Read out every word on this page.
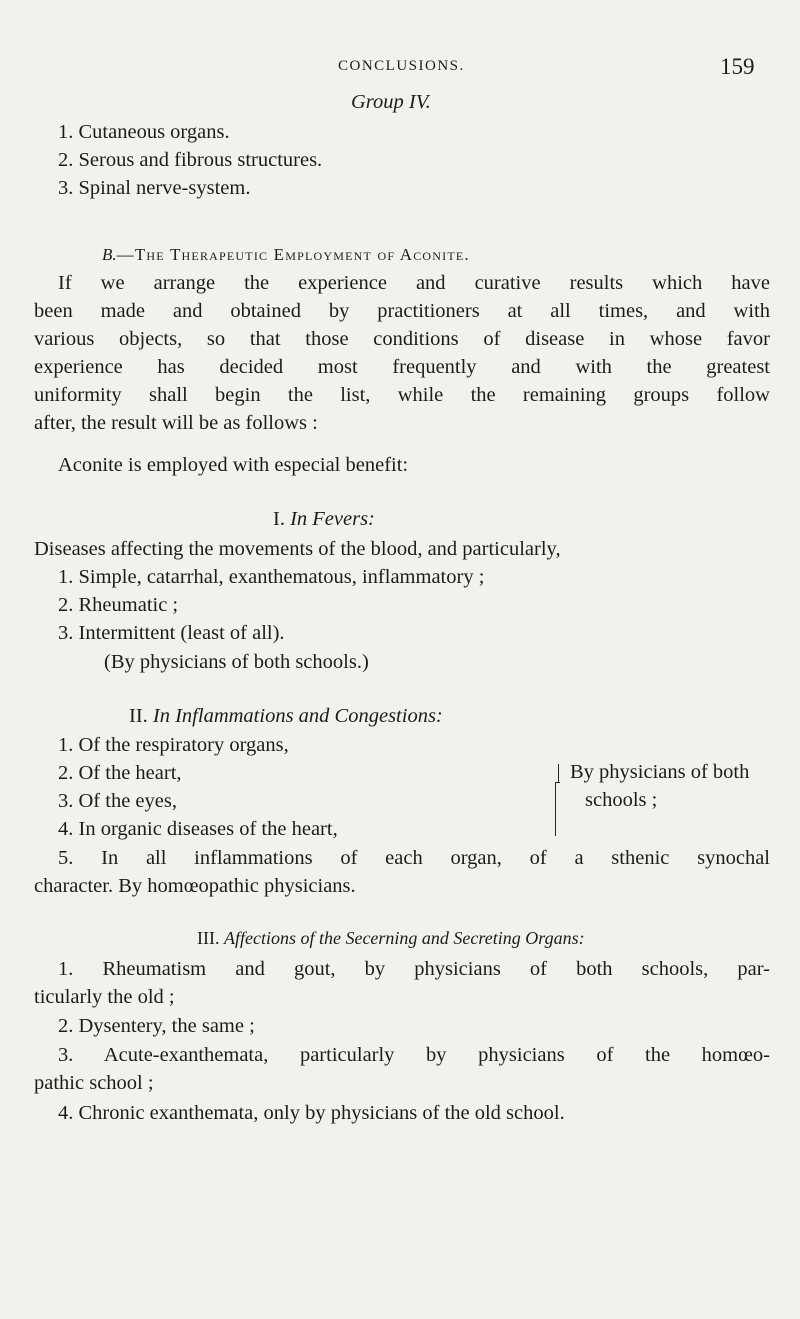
CONCLUSIONS.	159
Group IV.
1. Cutaneous organs.
2. Serous and fibrous structures.
3. Spinal nerve-system.
B.—The Therapeutic Employment of Aconite.
If we arrange the experience and curative results which have
been made and obtained by practitioners at all times, and with
various objects, so that those conditions of disease in whose favor
experience has decided most frequently and with the greatest
uniformity shall begin the list, while the remaining groups follow
after, the result will be as follows :
Aconite is employed with especial benefit:
I. In Fevers:
Diseases affecting the movements of the blood, and particularly,
1. Simple, catarrhal, exanthematous, inflammatory ;
2. Rheumatic ;
3. Intermittent (least of all).
(By physicians of both schools.)
II. In Inflammations and Congestions:
1. Of the respiratory organs,
2. Of the heart,
3. Of the eyes,
4. In organic diseases of the heart,
By physicians of both
schools ;
5. In all inflammations of each organ, of a sthenic synochal
character. By homœopathic physicians.
III. Affections of the Secerning and Secreting Organs:
1. Rheumatism and gout, by physicians of both schools, par-
ticularly the old ;
2. Dysentery, the same ;
3. Acute-exanthemata, particularly by physicians of the homœo-
pathic school ;
4. Chronic exanthemata, only by physicians of the old school.
